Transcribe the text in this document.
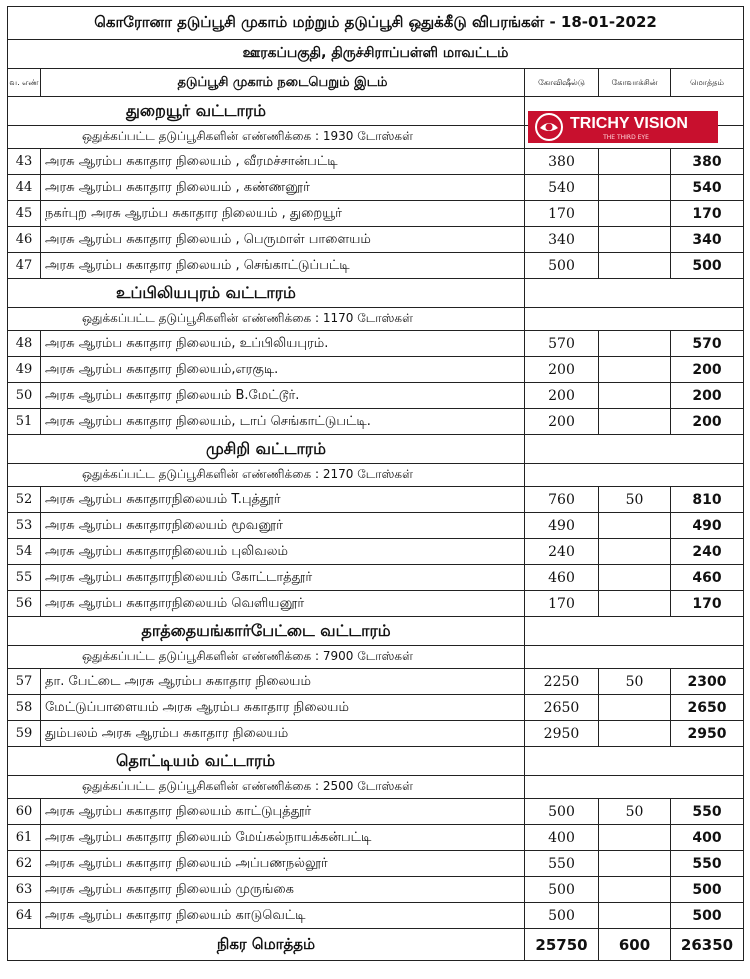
கொரோனா தடுப்பூசி முகாம் மற்றும் தடுப்பூசி ஒதுக்கீடு விபரங்கள் - 18-01-2022				
ஊரகப்பகுதி, திருச்சிராப்பள்ளி மாவட்டம்				
வ. எண்	தடுப்பூசி முகாம் நடைபெறும் இடம்	கோவிஷீல்டு	கோவாக்சின்	மொத்தம்
துறையூர் வட்டாரம்				
ஒதுக்கப்பட்ட தடுப்பூசிகளின் எண்ணிக்கை : 1930 டோஸ்கள்				
43	அரசு ஆரம்ப சுகாதார நிலையம் , வீரமச்சான்பட்டி	380		380
44	அரசு ஆரம்ப சுகாதார நிலையம் , கண்ணனூர்	540		540
45	நகர்புற அரசு ஆரம்ப சுகாதார நிலையம் , துறையூர்	170		170
46	அரசு ஆரம்ப சுகாதார நிலையம் , பெருமாள் பாளையம்	340		340
47	அரசு ஆரம்ப சுகாதார நிலையம் , செங்காட்டுப்பட்டி	500		500
உப்பிலியபுரம் வட்டாரம்				
ஒதுக்கப்பட்ட தடுப்பூசிகளின் எண்ணிக்கை : 1170 டோஸ்கள்				
48	அரசு ஆரம்ப சுகாதார நிலையம், உப்பிலியபுரம்.	570		570
49	அரசு ஆரம்ப சுகாதார நிலையம்,எரகுடி.	200		200
50	அரசு ஆரம்ப சுகாதார நிலையம் B.மேட்டூர்.	200		200
51	அரசு ஆரம்ப சுகாதார நிலையம், டாப் செங்காட்டுபட்டி.	200		200
முசிறி வட்டாரம்				
ஒதுக்கப்பட்ட தடுப்பூசிகளின் எண்ணிக்கை : 2170 டோஸ்கள்				
52	அரசு ஆரம்ப சுகாதாரநிலையம் T.புத்தூர்	760	50	810
53	அரசு ஆரம்ப சுகாதாரநிலையம் மூவனூர்	490		490
54	அரசு ஆரம்ப சுகாதாரநிலையம் புலிவலம்	240		240
55	அரசு ஆரம்ப சுகாதாரநிலையம் கோட்டாத்தூர்	460		460
56	அரசு ஆரம்ப சுகாதாரநிலையம் வெளியனூர்	170		170
தாத்தையங்கார்பேட்டை வட்டாரம்				
ஒதுக்கப்பட்ட தடுப்பூசிகளின் எண்ணிக்கை : 7900 டோஸ்கள்				
57	தா. பேட்டை அரசு ஆரம்ப சுகாதார நிலையம்	2250	50	2300
58	மேட்டுப்பாளையம் அரசு ஆரம்ப சுகாதார நிலையம்	2650		2650
59	தும்பலம் அரசு ஆரம்ப சுகாதார நிலையம்	2950		2950
தொட்டியம் வட்டாரம்				
ஒதுக்கப்பட்ட தடுப்பூசிகளின் எண்ணிக்கை : 2500 டோஸ்கள்				
60	அரசு ஆரம்ப சுகாதார நிலையம் காட்டுபுத்தூர்	500	50	550
61	அரசு ஆரம்ப சுகாதார நிலையம் மேய்கல்நாயக்கன்பட்டி	400		400
62	அரசு ஆரம்ப சுகாதார நிலையம் அப்பணநல்லூர்	550		550
63	அரசு ஆரம்ப சுகாதார நிலையம் முருங்கை	500		500
64	அரசு ஆரம்ப சுகாதார நிலையம் காடுவெட்டி	500		500
நிகர மொத்தம்		25750	600	26350
TRICHY VISION
THE THIRD EYE
